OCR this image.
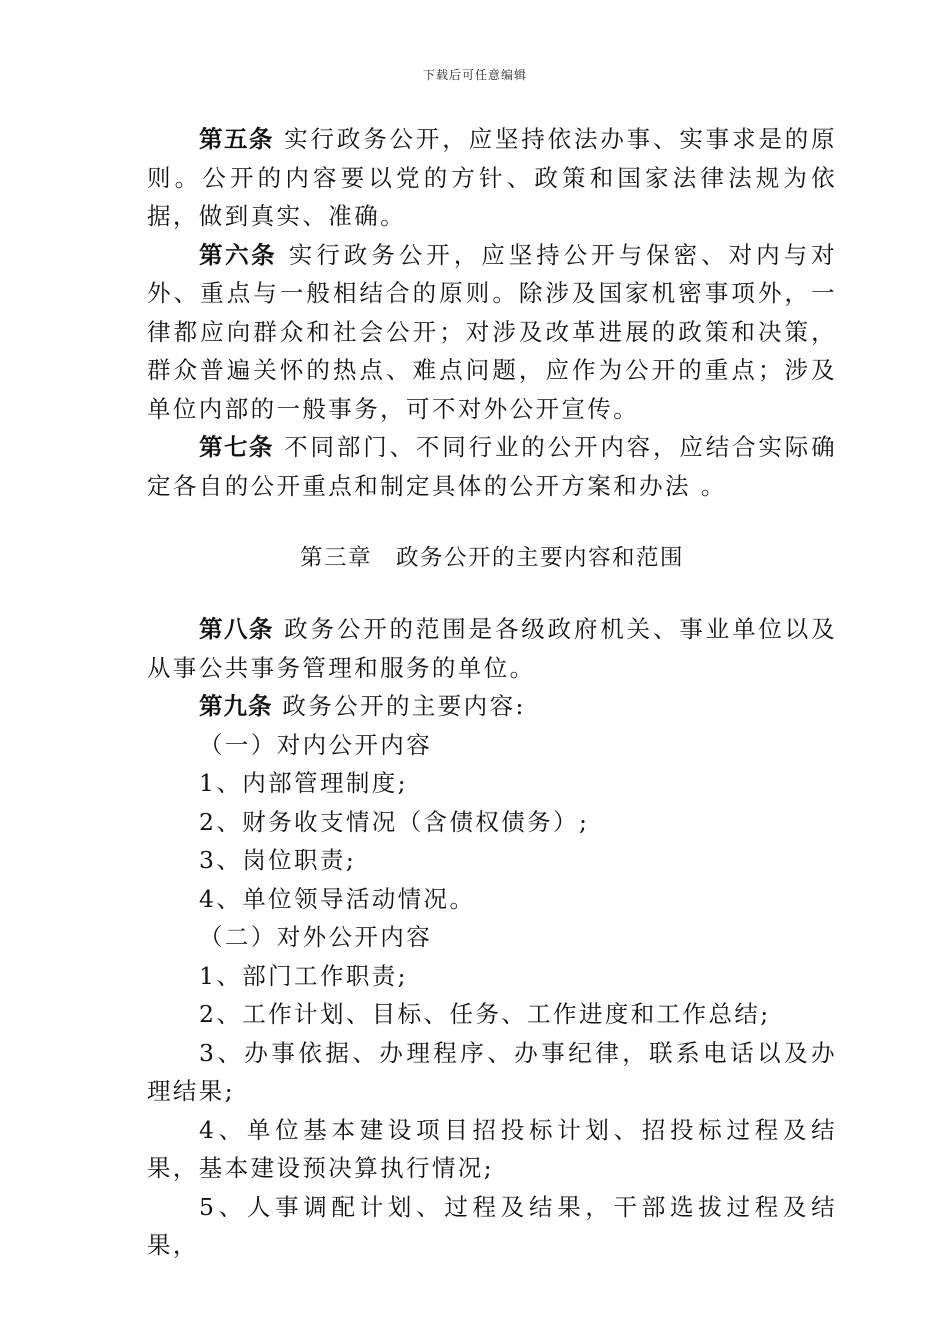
下载后可任意编辑

第五条 实行政务公开，应坚持依法办事、实事求是的原则。公开的内容要以党的方针、政策和国家法律法规为依据，做到真实、准确。

第六条 实行政务公开，应坚持公开与保密、对内与对外、重点与一般相结合的原则。除涉及国家机密事项外，一律都应向群众和社会公开；对涉及改革进展的政策和决策，群众普遍关怀的热点、难点问题，应作为公开的重点；涉及单位内部的一般事务，可不对外公开宣传。

第七条 不同部门、不同行业的公开内容，应结合实际确定各自的公开重点和制定具体的公开方案和办法 。

第三章 政务公开的主要内容和范围

第八条 政务公开的范围是各级政府机关、事业单位以及从事公共事务管理和服务的单位。

第九条 政务公开的主要内容:

（一）对内公开内容

1、内部管理制度;

2、财务收支情况（含债权债务）;

3、岗位职责;

4、单位领导活动情况。

（二）对外公开内容

1、部门工作职责;

2、工作计划、目标、任务、工作进度和工作总结;

3、办事依据、办理程序、办事纪律，联系电话以及办理结果;

4、单位基本建设项目招投标计划、招投标过程及结果，基本建设预决算执行情况;

5、人事调配计划、过程及结果，干部选拔过程及结果，
